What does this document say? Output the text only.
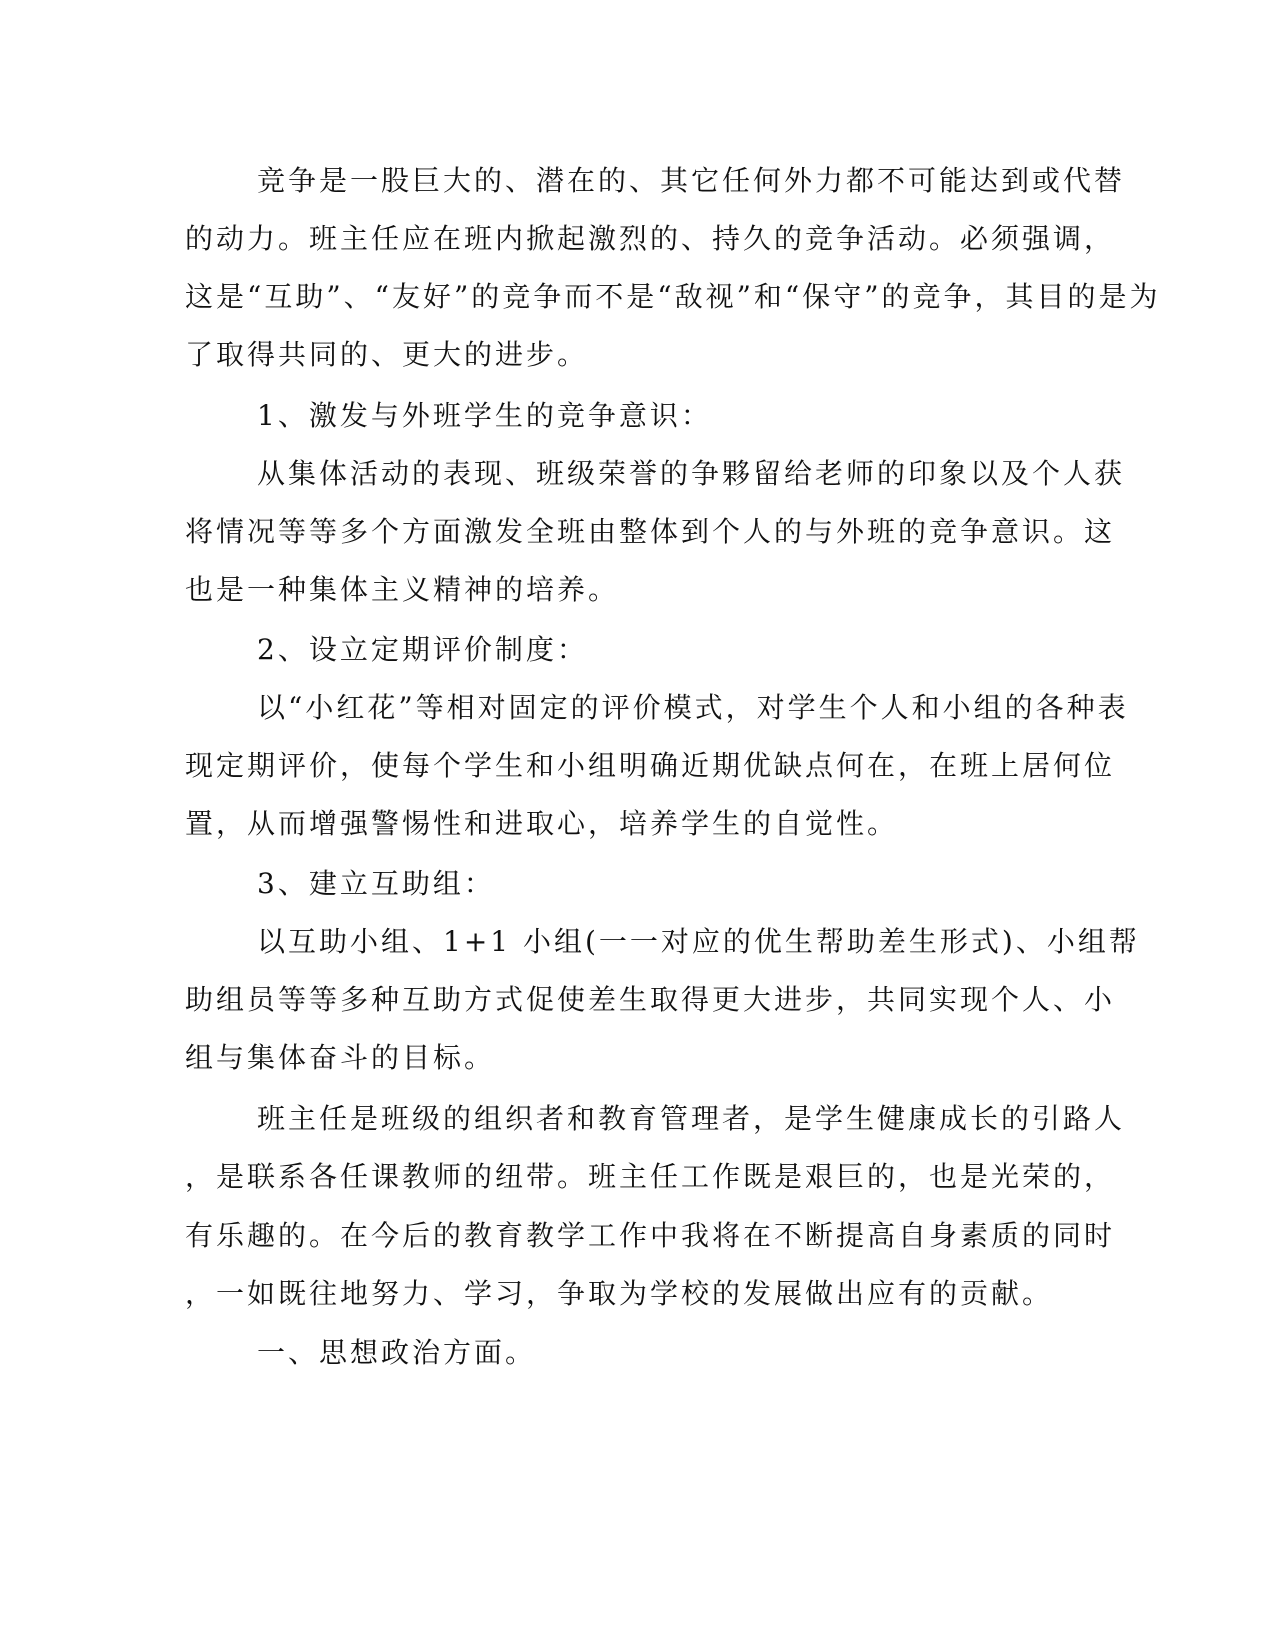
竞争是一股巨大的、潜在的、其它任何外力都不可能达到或代替
的动力。班主任应在班内掀起激烈的、持久的竞争活动。必须强调，
这是“互助”、“友好”的竞争而不是“敌视”和“保守”的竞争，其目的是为
了取得共同的、更大的进步。
1、激发与外班学生的竞争意识：
从集体活动的表现、班级荣誉的争夥留给老师的印象以及个人获
将情况等等多个方面激发全班由整体到个人的与外班的竞争意识。这
也是一种集体主义精神的培养。
2、设立定期评价制度：
以“小红花”等相对固定的评价模式，对学生个人和小组的各种表
现定期评价，使每个学生和小组明确近期优缺点何在，在班上居何位
置，从而增强警惕性和进取心，培养学生的自觉性。
3、建立互助组：
以互助小组、1+1 小组(一一对应的优生帮助差生形式)、小组帮
助组员等等多种互助方式促使差生取得更大进步，共同实现个人、小
组与集体奋斗的目标。
班主任是班级的组织者和教育管理者，是学生健康成长的引路人
，是联系各任课教师的纽带。班主任工作既是艰巨的，也是光荣的，
有乐趣的。在今后的教育教学工作中我将在不断提高自身素质的同时
，一如既往地努力、学习，争取为学校的发展做出应有的贡献。
一、思想政治方面。
